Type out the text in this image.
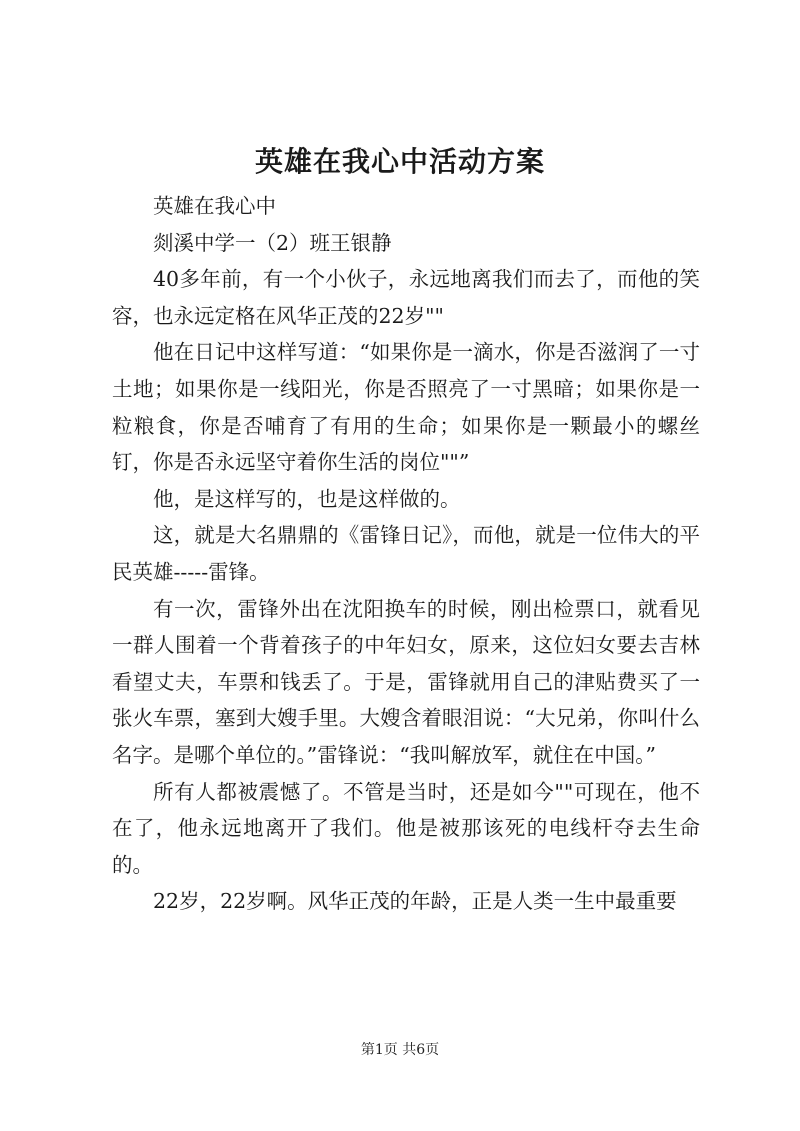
英雄在我心中活动方案

英雄在我心中

剡溪中学一（2）班王银静

40多年前，有一个小伙子，永远地离我们而去了，而他的笑容，也永远定格在风华正茂的22岁""

他在日记中这样写道：“如果你是一滴水，你是否滋润了一寸土地；如果你是一线阳光，你是否照亮了一寸黑暗；如果你是一粒粮食，你是否哺育了有用的生命；如果你是一颗最小的螺丝钉，你是否永远坚守着你生活的岗位""”

他，是这样写的，也是这样做的。

这，就是大名鼎鼎的《雷锋日记》，而他，就是一位伟大的平民英雄-----雷锋。

有一次，雷锋外出在沈阳换车的时候，刚出检票口，就看见一群人围着一个背着孩子的中年妇女，原来，这位妇女要去吉林看望丈夫，车票和钱丢了。于是，雷锋就用自己的津贴费买了一张火车票，塞到大嫂手里。大嫂含着眼泪说：“大兄弟，你叫什么名字。是哪个单位的。”雷锋说：“我叫解放军，就住在中国。”

所有人都被震憾了。不管是当时，还是如今""可现在，他不在了，他永远地离开了我们。他是被那该死的电线杆夺去生命的。

22岁，22岁啊。风华正茂的年龄，正是人类一生中最重要

第1页 共6页
